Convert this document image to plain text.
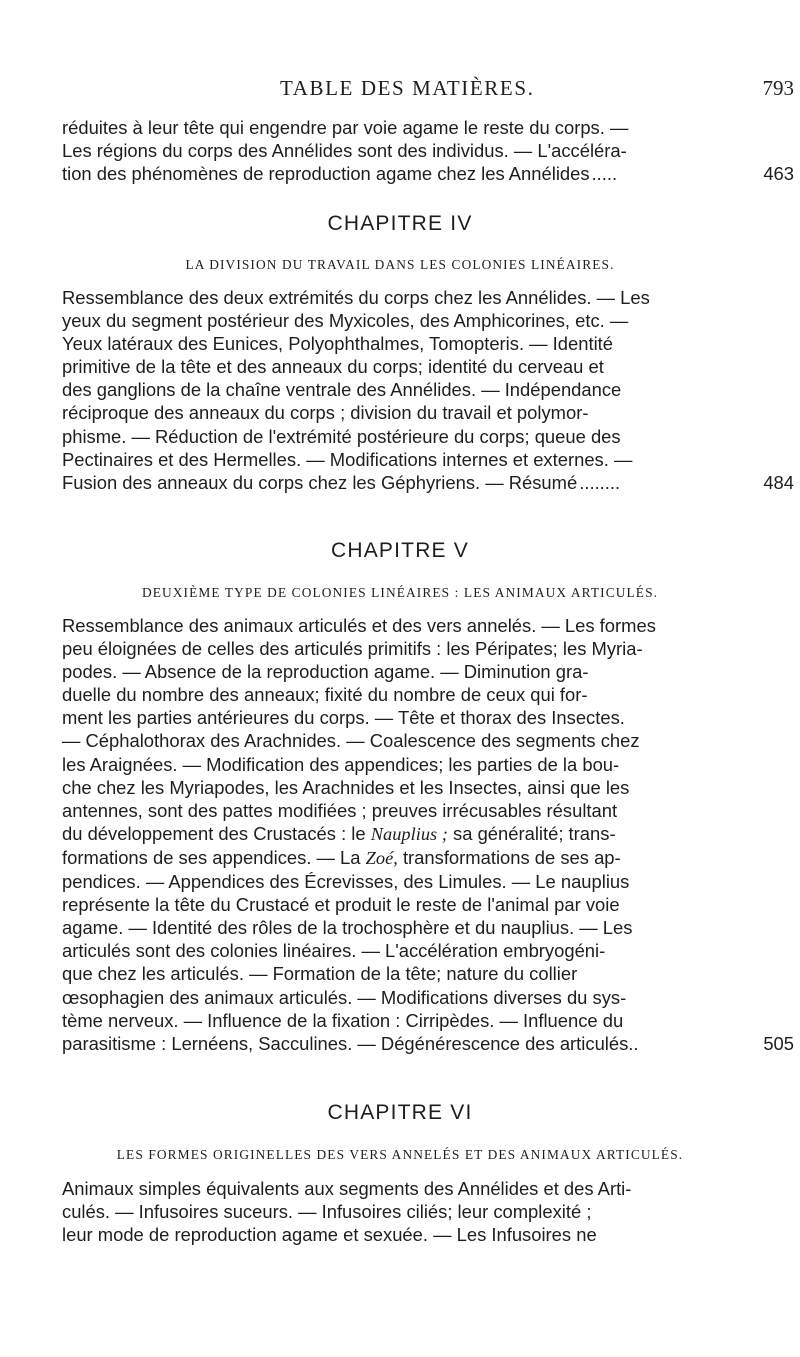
TABLE DES MATIÈRES.	793
réduites à leur tête qui engendre par voie agame le reste du corps. —
Les régions du corps des Annélides sont des individus. — L'accéléra-
tion des phénomènes de reproduction agame chez les Annélides .....	463
CHAPITRE IV
LA DIVISION DU TRAVAIL DANS LES COLONIES LINÉAIRES.
Ressemblance des deux extrémités du corps chez les Annélides. — Les
yeux du segment postérieur des Myxicoles, des Amphicorines, etc. —
Yeux latéraux des Eunices, Polyophthalmes, Tomopteris. — Identité
primitive de la tête et des anneaux du corps; identité du cerveau et
des ganglions de la chaîne ventrale des Annélides. — Indépendance
réciproque des anneaux du corps ; division du travail et polymor-
phisme. — Réduction de l'extrémité postérieure du corps; queue des
Pectinaires et des Hermelles. — Modifications internes et externes. —
Fusion des anneaux du corps chez les Géphyriens. — Résumé ........	484
CHAPITRE V
DEUXIÈME TYPE DE COLONIES LINÉAIRES : LES ANIMAUX ARTICULÉS.
Ressemblance des animaux articulés et des vers annelés. — Les formes
peu éloignées de celles des articulés primitifs : les Péripates; les Myria-
podes. — Absence de la reproduction agame. — Diminution gra-
duelle du nombre des anneaux; fixité du nombre de ceux qui for-
ment les parties antérieures du corps. — Tête et thorax des Insectes.
— Céphalothorax des Arachnides. — Coalescence des segments chez
les Araignées. — Modification des appendices; les parties de la bou-
che chez les Myriapodes, les Arachnides et les Insectes, ainsi que les
antennes, sont des pattes modifiées ; preuves irrécusables résultant
du développement des Crustacés : le Nauplius ; sa généralité; trans-
formations de ses appendices. — La Zoé, transformations de ses ap-
pendices. — Appendices des Écrevisses, des Limules. — Le nauplius
représente la tête du Crustacé et produit le reste de l'animal par voie
agame. — Identité des rôles de la trochosphère et du nauplius. — Les
articulés sont des colonies linéaires. — L'accélération embryogéni-
que chez les articulés. — Formation de la tête; nature du collier
œsophagien des animaux articulés. — Modifications diverses du sys-
tème nerveux. — Influence de la fixation : Cirripèdes. — Influence du
parasitisme : Lernéens, Sacculines. — Dégénérescence des articulés..	505
CHAPITRE VI
LES FORMES ORIGINELLES DES VERS ANNELÉS ET DES ANIMAUX ARTICULÉS.
Animaux simples équivalents aux segments des Annélides et des Arti-
culés. — Infusoires suceurs. — Infusoires ciliés; leur complexité ;
leur mode de reproduction agame et sexuée. — Les Infusoires ne
